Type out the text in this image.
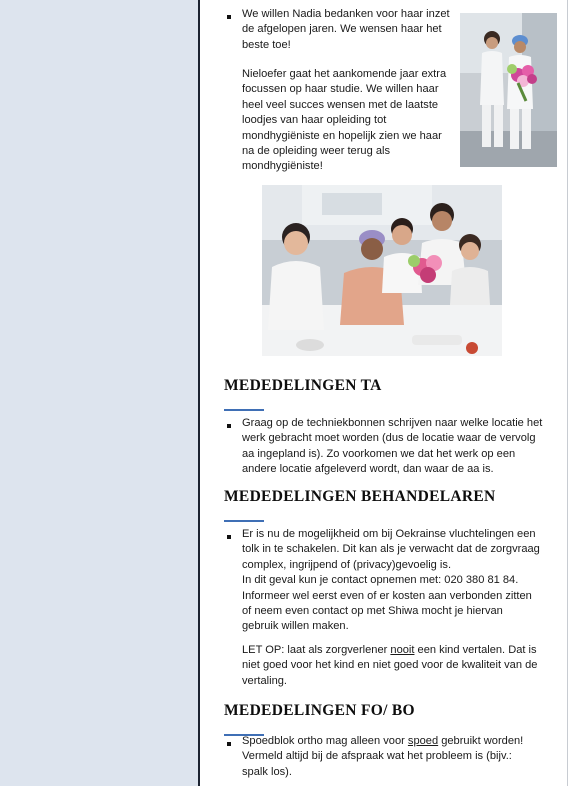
We willen Nadia bedanken voor haar inzet
de afgelopen jaren. We wensen haar het
beste toe!
Nieloefer gaat het aankomende jaar extra
focussen op haar studie. We willen haar
heel veel succes wensen met de laatste
loodjes van haar opleiding tot
mondhygiëniste en hopelijk zien we haar
na de opleiding weer terug als
mondhygiëniste!
MEDEDELINGEN TA
Graag op de techniekbonnen schrijven naar welke locatie het
werk gebracht moet worden (dus de locatie waar de vervolg
aa ingepland is). Zo voorkomen we dat het werk op een
andere locatie afgeleverd wordt, dan waar de aa is.
MEDEDELINGEN BEHANDELAREN
Er is nu de mogelijkheid om bij Oekrainse vluchtelingen een
tolk in te schakelen. Dit kan als je verwacht dat de zorgvraag
complex, ingrijpend of (privacy)gevoelig is.
In dit geval kun je contact opnemen met: 020 380 81 84.
Informeer wel eerst even of er kosten aan verbonden zitten
of neem even contact op met Shiwa mocht je hiervan
gebruik willen maken.
LET OP: laat als zorgverlener nooit een kind vertalen. Dat is
niet goed voor het kind en niet goed voor de kwaliteit van de
vertaling.
MEDEDELINGEN FO/ BO
Spoedblok ortho mag alleen voor spoed gebruikt worden!
Vermeld altijd bij de afspraak wat het probleem is (bijv.:
spalk los).
